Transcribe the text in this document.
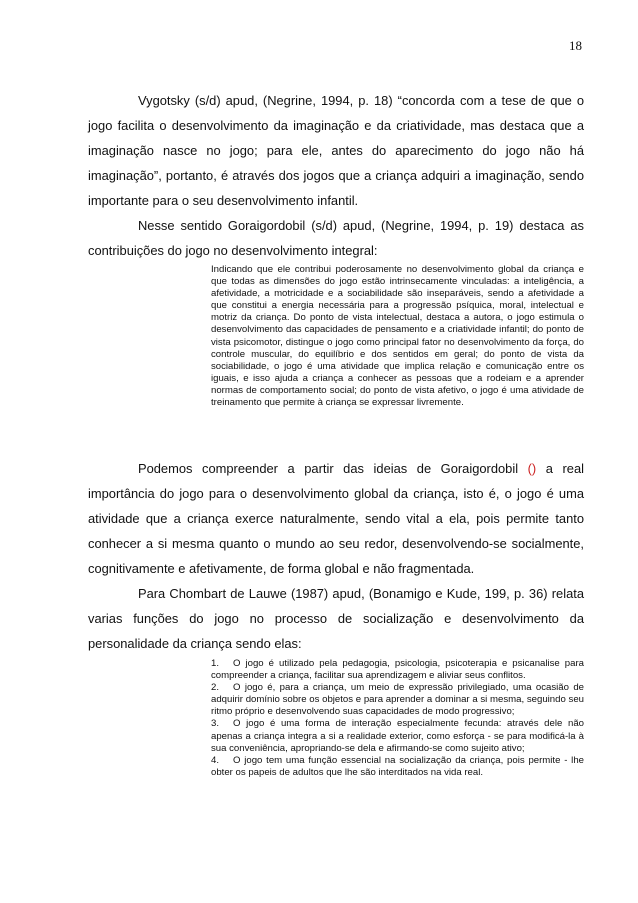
18

Vygotsky (s/d) apud, (Negrine, 1994, p. 18) “concorda com a tese de que o jogo facilita o desenvolvimento da imaginação e da criatividade, mas destaca que a imaginação nasce no jogo; para ele, antes do aparecimento do jogo não há imaginação”, portanto, é através dos jogos que a criança adquiri a imaginação, sendo importante para o seu desenvolvimento infantil.

Nesse sentido Goraigordobil (s/d) apud, (Negrine, 1994, p. 19) destaca as contribuições do jogo no desenvolvimento integral:

Indicando que ele contribui poderosamente no desenvolvimento global da criança e que todas as dimensões do jogo estão intrinsecamente vinculadas: a inteligência, a afetividade, a motricidade e a sociabilidade são inseparáveis, sendo a afetividade a que constitui a energia necessária para a progressão psíquica, moral, intelectual e motriz da criança. Do ponto de vista intelectual, destaca a autora, o jogo estimula o desenvolvimento das capacidades de pensamento e a criatividade infantil; do ponto de vista psicomotor, distingue o jogo como principal fator no desenvolvimento da força, do controle muscular, do equilíbrio e dos sentidos em geral; do ponto de vista da sociabilidade, o jogo é uma atividade que implica relação e comunicação entre os iguais, e isso ajuda a criança a conhecer as pessoas que a rodeiam e a aprender normas de comportamento social; do ponto de vista afetivo, o jogo é uma atividade de treinamento que permite à criança se expressar livremente.

Podemos compreender a partir das ideias de Goraigordobil () a real importância do jogo para o desenvolvimento global da criança, isto é, o jogo é uma atividade que a criança exerce naturalmente, sendo vital a ela, pois permite tanto conhecer a si mesma quanto o mundo ao seu redor, desenvolvendo-se socialmente, cognitivamente e afetivamente, de forma global e não fragmentada.

Para Chombart de Lauwe (1987) apud, (Bonamigo e Kude, 199, p. 36) relata varias funções do jogo no processo de socialização e desenvolvimento da personalidade da criança sendo elas:

1. O jogo é utilizado pela pedagogia, psicologia, psicoterapia e psicanalise para compreender a criança, facilitar sua aprendizagem e aliviar seus conflitos.
2. O jogo é, para a criança, um meio de expressão privilegiado, uma ocasião de adquirir domínio sobre os objetos e para aprender a dominar a si mesma, seguindo seu ritmo próprio e desenvolvendo suas capacidades de modo progressivo;
3. O jogo é uma forma de interação especialmente fecunda: através dele não apenas a criança integra a si a realidade exterior, como esforça - se para modificá-la à sua conveniência, apropriando-se dela e afirmando-se como sujeito ativo;
4. O jogo tem uma função essencial na socialização da criança, pois permite - lhe obter os papeis de adultos que lhe são interditados na vida real.
